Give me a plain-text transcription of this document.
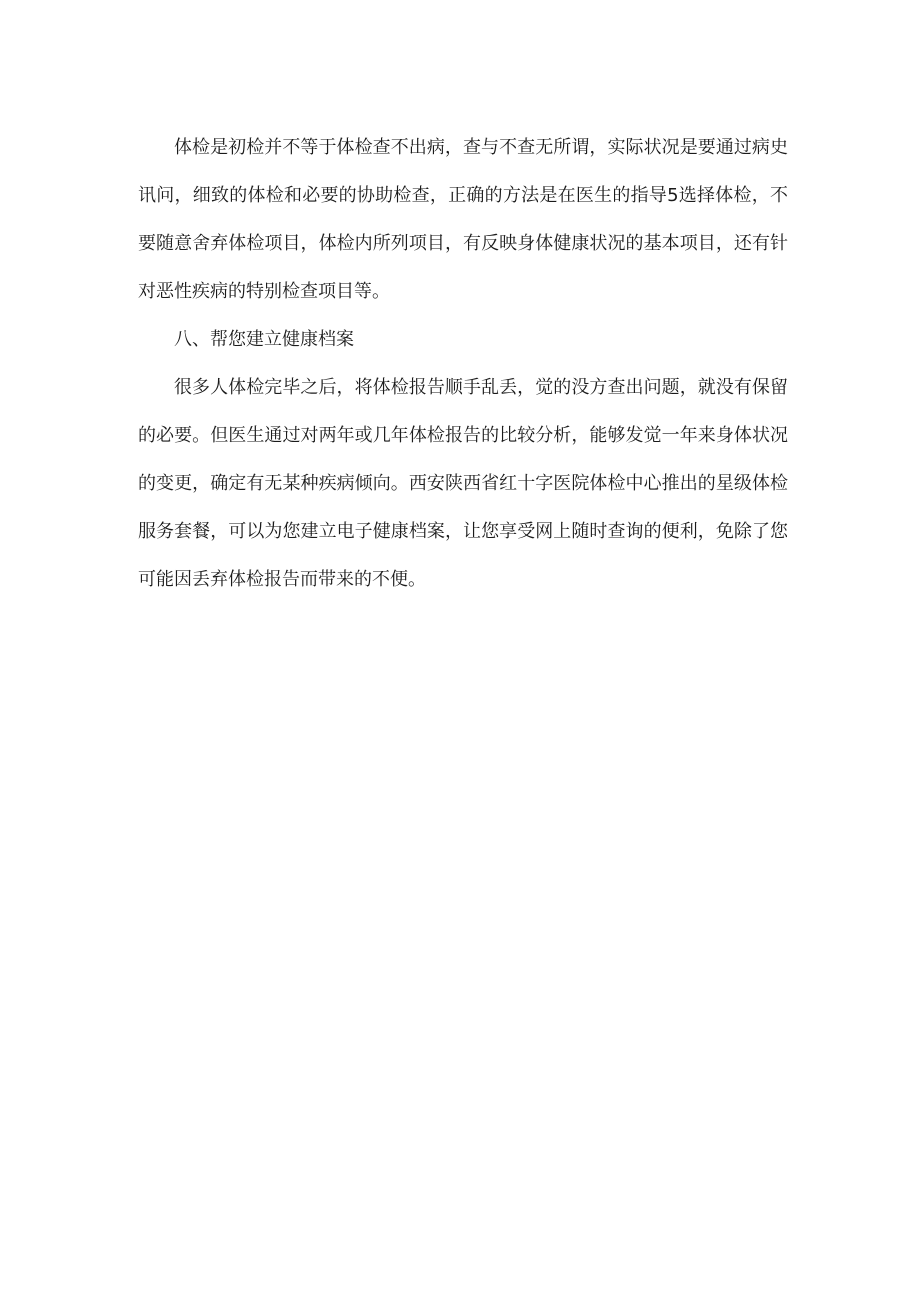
体检是初检并不等于体检查不出病，查与不查无所谓，实际状况是要通过病史讯问，细致的体检和必要的协助检查，正确的方法是在医生的指导5选择体检，不要随意舍弃体检项目，体检内所列项目，有反映身体健康状况的基本项目，还有针对恶性疾病的特别检查项目等。

八、帮您建立健康档案

很多人体检完毕之后，将体检报告顺手乱丢，觉的没方查出问题，就没有保留的必要。但医生通过对两年或几年体检报告的比较分析，能够发觉一年来身体状况的变更，确定有无某种疾病倾向。西安陕西省红十字医院体检中心推出的星级体检服务套餐，可以为您建立电子健康档案，让您享受网上随时查询的便利，免除了您可能因丢弃体检报告而带来的不便。
